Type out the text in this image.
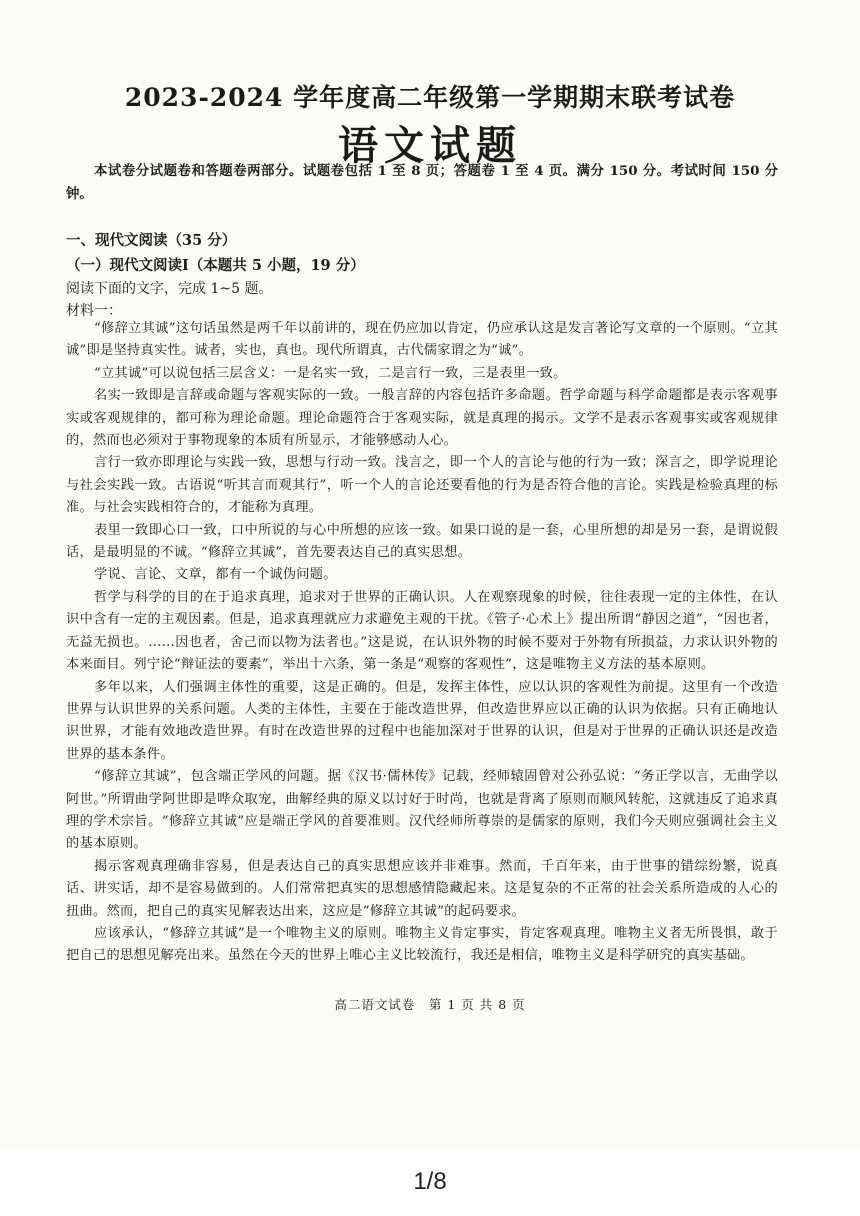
2023-2024 学年度高二年级第一学期期末联考试卷
语文试题
本试卷分试题卷和答题卷两部分。试题卷包括 1 至 8 页；答题卷 1 至 4 页。满分 150 分。考试时间 150 分钟。
一、现代文阅读（35 分）
（一）现代文阅读Ⅰ（本题共 5 小题，19 分）
阅读下面的文字，完成 1~5 题。
材料一：

“修辞立其诚”这句话虽然是两千年以前讲的，现在仍应加以肯定，仍应承认这是发言著论写文章的一个原则。“立其诚”即是坚持真实性。诚者，实也，真也。现代所谓真，古代儒家谓之为“诚”。

“立其诚”可以说包括三层含义：一是名实一致，二是言行一致，三是表里一致。

名实一致即是言辞或命题与客观实际的一致。一般言辞的内容包括许多命题。哲学命题与科学命题都是表示客观事实或客观规律的，都可称为理论命题。理论命题符合于客观实际，就是真理的揭示。文学不是表示客观事实或客观规律的，然而也必须对于事物现象的本质有所显示，才能够感动人心。

言行一致亦即理论与实践一致，思想与行动一致。浅言之，即一个人的言论与他的行为一致；深言之，即学说理论与社会实践一致。古语说“听其言而观其行”，听一个人的言论还要看他的行为是否符合他的言论。实践是检验真理的标准。与社会实践相符合的，才能称为真理。

表里一致即心口一致，口中所说的与心中所想的应该一致。如果口说的是一套，心里所想的却是另一套，是谓说假话，是最明显的不诚。“修辞立其诚”，首先要表达自己的真实思想。

学说、言论、文章，都有一个诚伪问题。

哲学与科学的目的在于追求真理，追求对于世界的正确认识。人在观察现象的时候，往往表现一定的主体性，在认识中含有一定的主观因素。但是，追求真理就应力求避免主观的干扰。《管子·心术上》提出所谓“静因之道”，“因也者，无益无损也。……因也者，舍己而以物为法者也。”这是说，在认识外物的时候不要对于外物有所损益，力求认识外物的本来面目。列宁论“辩证法的要素”，举出十六条，第一条是“观察的客观性”，这是唯物主义方法的基本原则。

多年以来，人们强调主体性的重要，这是正确的。但是，发挥主体性，应以认识的客观性为前提。这里有一个改造世界与认识世界的关系问题。人类的主体性，主要在于能改造世界，但改造世界应以正确的认识为依据。只有正确地认识世界，才能有效地改造世界。有时在改造世界的过程中也能加深对于世界的认识，但是对于世界的正确认识还是改造世界的基本条件。

“修辞立其诚”，包含端正学风的问题。据《汉书·儒林传》记载，经师辕固曾对公孙弘说：“务正学以言，无曲学以阿世。”所谓曲学阿世即是哗众取宠，曲解经典的原义以讨好于时尚，也就是背离了原则而顺风转舵，这就违反了追求真理的学术宗旨。“修辞立其诚”应是端正学风的首要准则。汉代经师所尊崇的是儒家的原则，我们今天则应强调社会主义的基本原则。

揭示客观真理确非容易，但是表达自己的真实思想应该并非难事。然而，千百年来，由于世事的错综纷繁，说真话、讲实话，却不是容易做到的。人们常常把真实的思想感情隐藏起来。这是复杂的不正常的社会关系所造成的人心的扭曲。然而，把自己的真实见解表达出来，这应是“修辞立其诚”的起码要求。

应该承认，“修辞立其诚”是一个唯物主义的原则。唯物主义肯定事实，肯定客观真理。唯物主义者无所畏惧，敢于把自己的思想见解亮出来。虽然在今天的世界上唯心主义比较流行，我还是相信，唯物主义是科学研究的真实基础。

高二语文试卷　第 1 页 共 8 页
1/8
